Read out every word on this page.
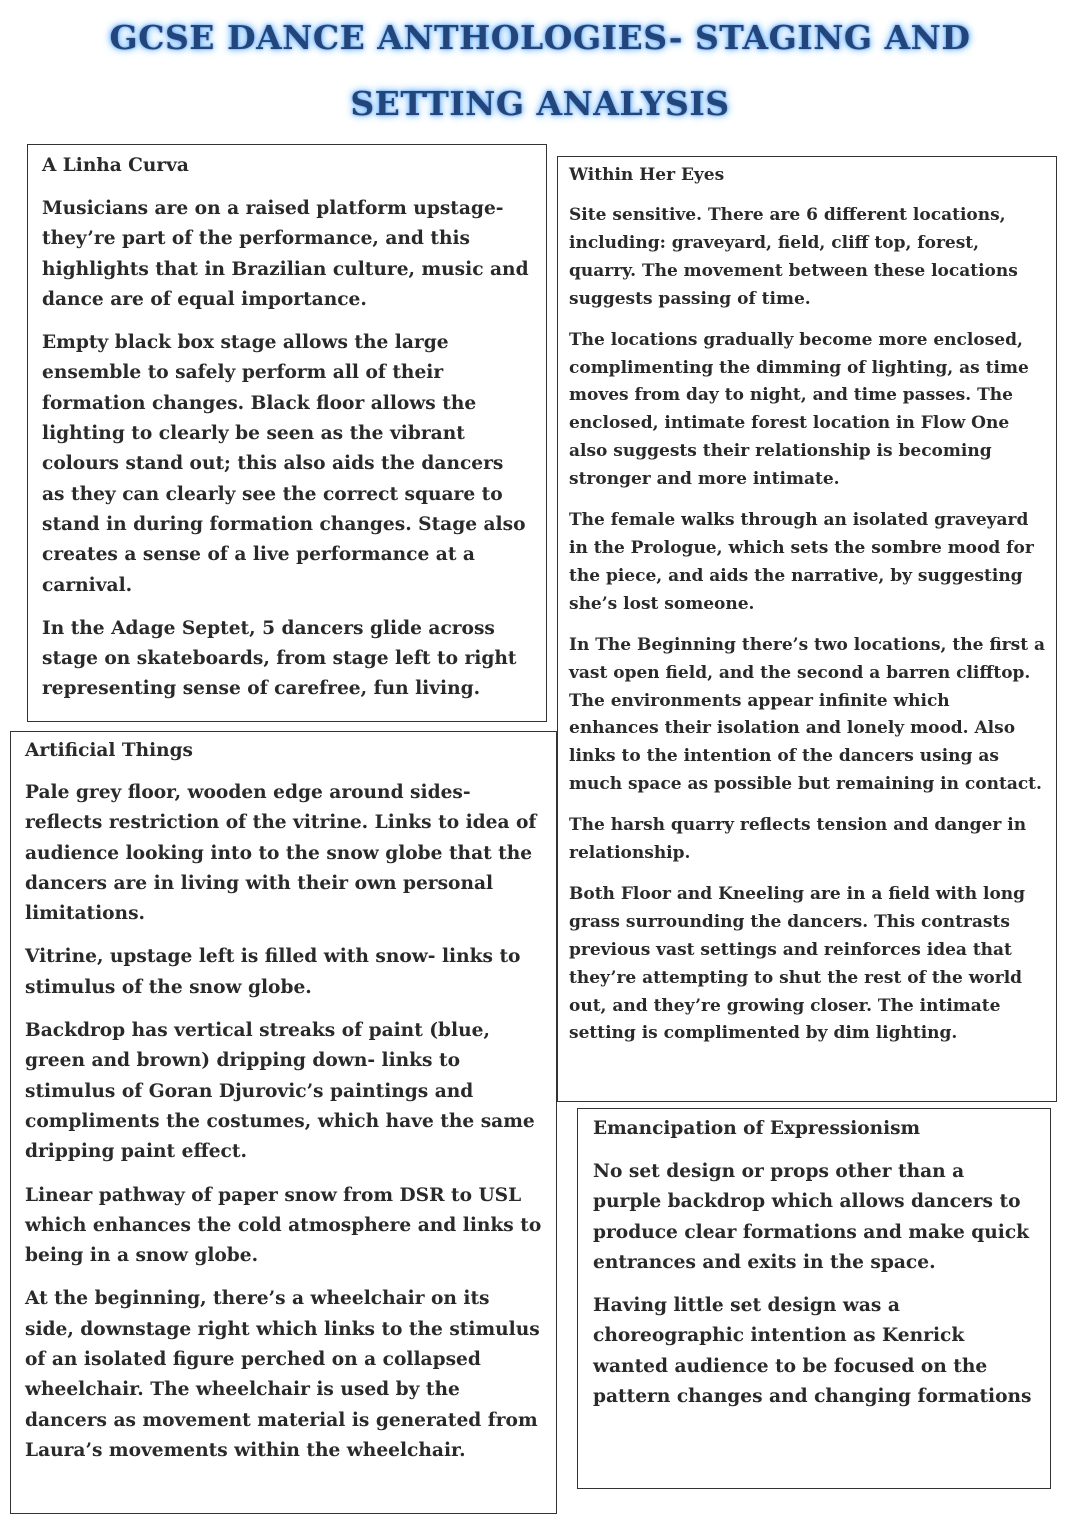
GCSE DANCE ANTHOLOGIES- STAGING AND
SETTING ANALYSIS
A Linha Curva

Musicians are on a raised platform upstage- they’re part of the performance, and this highlights that in Brazilian culture, music and dance are of equal importance.

Empty black box stage allows the large ensemble to safely perform all of their formation changes. Black floor allows the lighting to clearly be seen as the vibrant colours stand out; this also aids the dancers as they can clearly see the correct square to stand in during formation changes. Stage also creates a sense of a live performance at a carnival.

In the Adage Septet, 5 dancers glide across stage on skateboards, from stage left to right representing sense of carefree, fun living.

Artificial Things

Pale grey floor, wooden edge around sides- reflects restriction of the vitrine. Links to idea of audience looking into to the snow globe that the dancers are in living with their own personal limitations.

Vitrine, upstage left is filled with snow- links to stimulus of the snow globe.

Backdrop has vertical streaks of paint (blue, green and brown) dripping down- links to stimulus of Goran Djurovic’s paintings and compliments the costumes, which have the same dripping paint effect.

Linear pathway of paper snow from DSR to USL which enhances the cold atmosphere and links to being in a snow globe.

At the beginning, there’s a wheelchair on its side, downstage right which links to the stimulus of an isolated figure perched on a collapsed wheelchair. The wheelchair is used by the dancers as movement material is generated from Laura’s movements within the wheelchair.

Within Her Eyes

Site sensitive. There are 6 different locations, including: graveyard, field, cliff top, forest, quarry. The movement between these locations suggests passing of time.

The locations gradually become more enclosed, complimenting the dimming of lighting, as time moves from day to night, and time passes. The enclosed, intimate forest location in Flow One also suggests their relationship is becoming stronger and more intimate.

The female walks through an isolated graveyard in the Prologue, which sets the sombre mood for the piece, and aids the narrative, by suggesting she’s lost someone.

In The Beginning there’s two locations, the first a vast open field, and the second a barren clifftop. The environments appear infinite which enhances their isolation and lonely mood. Also links to the intention of the dancers using as much space as possible but remaining in contact.

The harsh quarry reflects tension and danger in relationship.

Both Floor and Kneeling are in a field with long grass surrounding the dancers. This contrasts previous vast settings and reinforces idea that they’re attempting to shut the rest of the world out, and they’re growing closer. The intimate setting is complimented by dim lighting.

Emancipation of Expressionism

No set design or props other than a purple backdrop which allows dancers to produce clear formations and make quick entrances and exits in the space.

Having little set design was a choreographic intention as Kenrick wanted audience to be focused on the pattern changes and changing formations
